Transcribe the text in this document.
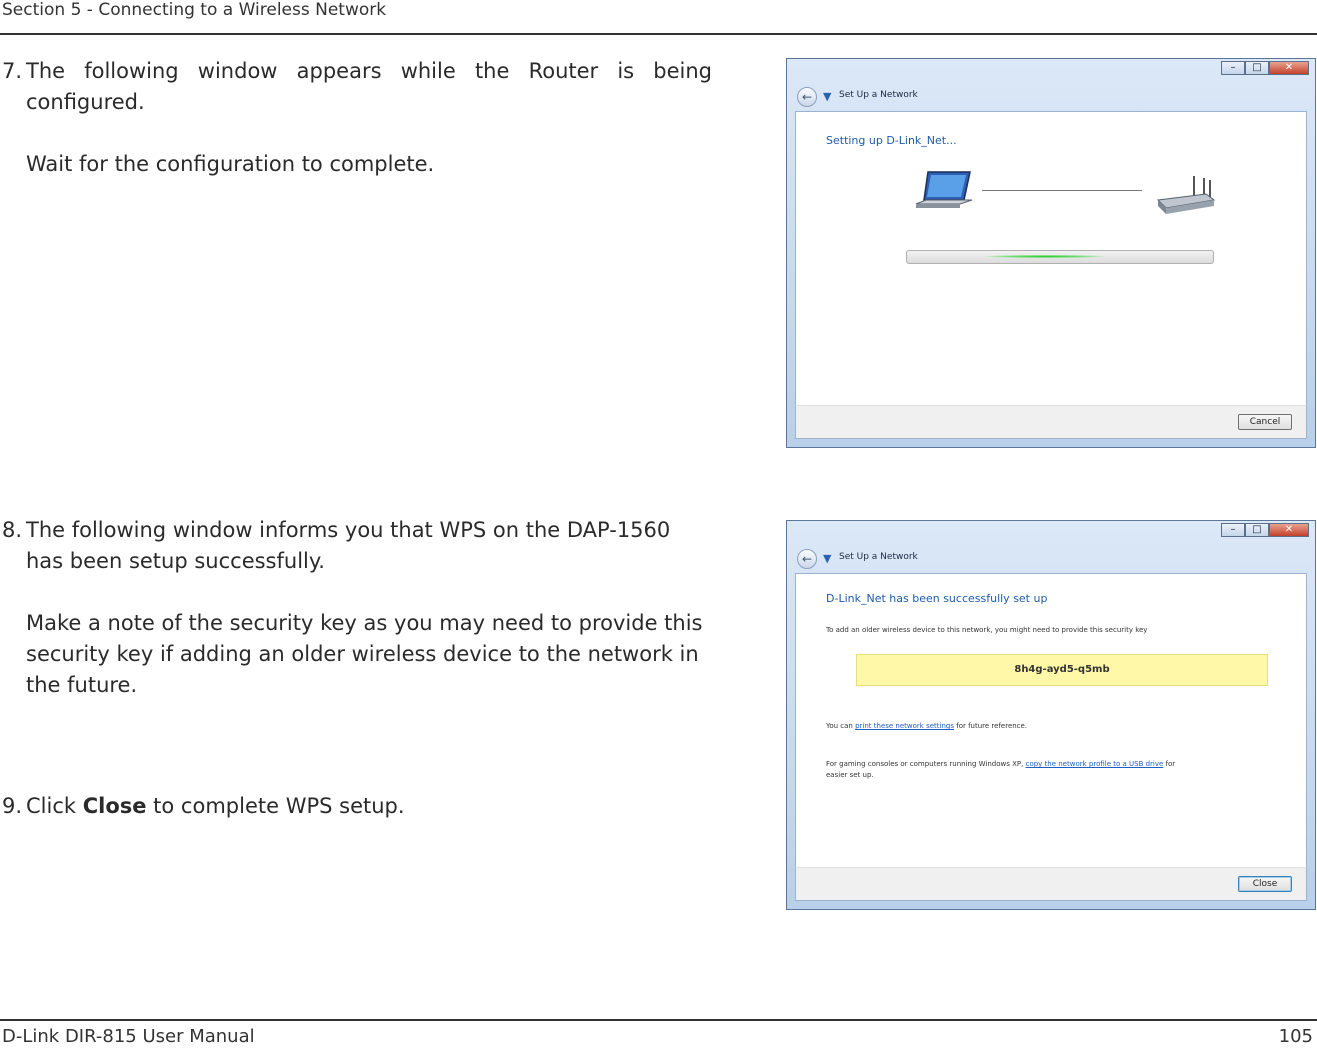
Section 5 - Connecting to a Wireless Network
7. The following window appears while the Router is being configured.

Wait for the configuration to complete.

8. The following window informs you that WPS on the DAP-1560 has been setup successfully.

Make a note of the security key as you may need to provide this security key if adding an older wireless device to the network in the future.

9. Click Close to complete WPS setup.

–	□	✕
← ▼ Set Up a Network
Setting up D-Link_Net...
Cancel
–	□	✕
← ▼ Set Up a Network
D-Link_Net has been successfully set up
To add an older wireless device to this network, you might need to provide this security key
8h4g-ayd5-q5mb
You can print these network settings for future reference.
For gaming consoles or computers running Windows XP, copy the network profile to a USB drive for
easier set up.
Close
D-Link DIR-815 User Manual	105
